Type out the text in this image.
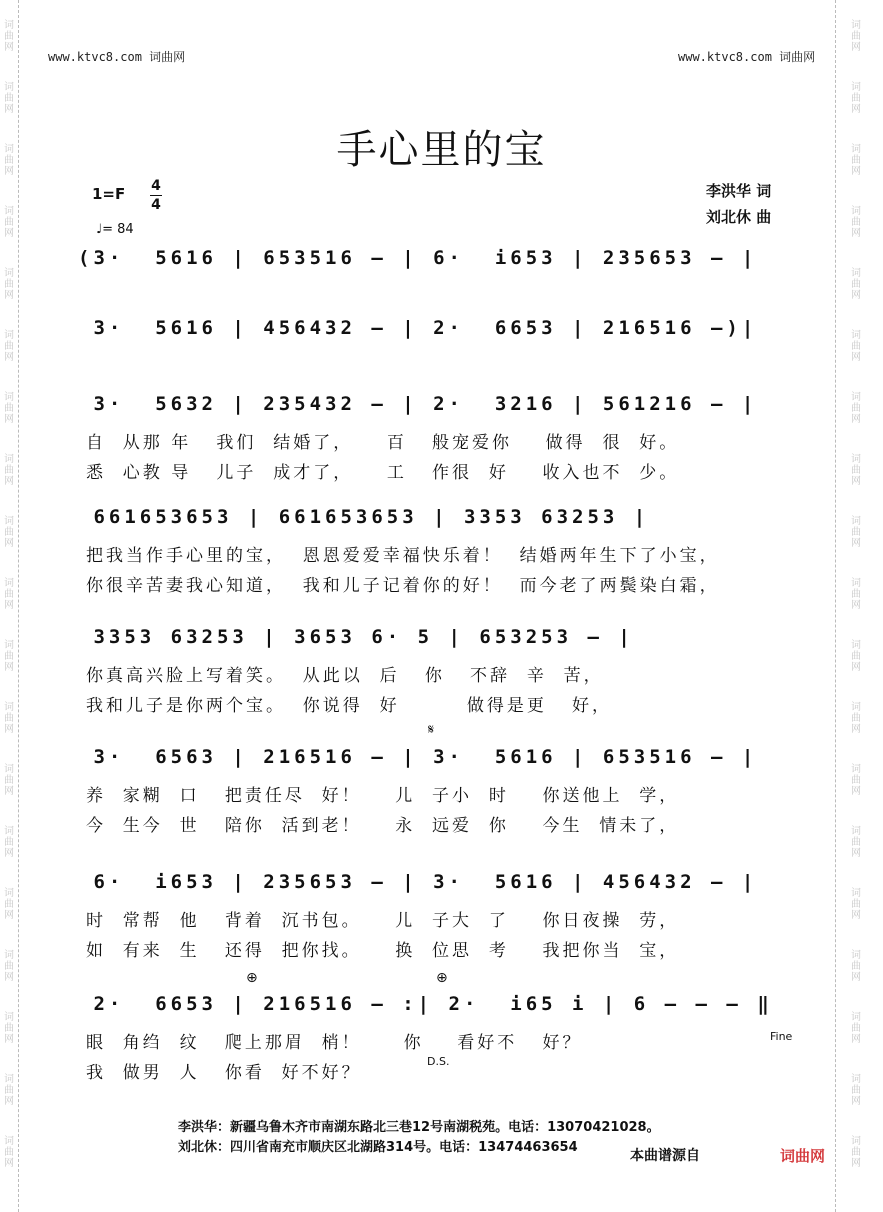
词
曲
网
词
曲
网
词
曲
网
词
曲
网
词
曲
网
词
曲
网
词
曲
网
词
曲
网
词
曲
网
词
曲
网
词
曲
网
词
曲
网
词
曲
网
词
曲
网
词
曲
网
词
曲
网
词
曲
网
词
曲
网
词
曲
网
词
曲
网
词
曲
网
词
曲
网
词
曲
网
词
曲
网
词
曲
网
词
曲
网
词
曲
网
词
曲
网
词
曲
网
词
曲
网
词
曲
网
词
曲
网
词
曲
网
词
曲
网
词
曲
网
词
曲
网
词
曲
网
词
曲
网
www.ktvc8.com 词曲网	www.ktvc8.com 词曲网
手心里的宝
1=F 4
4
♩= 84
李洪华 词
刘北休 曲
(3·  5616 | 653516 – | 6·  i653 | 235653 – |
3·  5616 | 456432 – | 2·  6653 | 216516 –)|
3·  5632 | 235432 – | 2·  3216 | 561216 – |
自  从那 年   我们  结婚了，    百   般宠爱你    做得  很  好。
悉  心教 导   儿子  成才了，    工   作很  好    收入也不  少。
661653653 | 661653653 | 3353 63253 |
把我当作手心里的宝，  恩恩爱爱幸福快乐着！  结婚两年生下了小宝，
你很辛苦妻我心知道，  我和儿子记着你的好！  而今老了两鬓染白霜，
3353 63253 | 3653 6· 5 | 653253 – |
你真高兴脸上写着笑。  从此以  后   你   不辞  辛  苦，
我和儿子是你两个宝。  你说得  好        做得是更   好，
3·  6563 | 216516 – | 3·  5616 | 653516 – |
养  家糊  口   把责任尽  好！    儿  子小  时    你送他上  学，
今  生今  世   陪你  活到老！    永  远爱  你    今生  情未了，
6·  i653 | 235653 – | 3·  5616 | 456432 – |
时  常帮  他   背着  沉书包。    儿  子大  了    你日夜操  劳，
如  有来  生   还得  把你找。    换  位思  考    我把你当  宝，
2·  6653 | 216516 – :| 2·  i65 i | 6 – – – ‖
眼  角绉  纹   爬上那眉  梢！     你    看好不   好？
我  做男  人   你看  好不好？
𝄋
⊕	⊕
D.S.
Fine
李洪华：新疆乌鲁木齐市南湖东路北三巷12号南湖税苑。电话：13070421028。
刘北休：四川省南充市顺庆区北湖路314号。电话：13474463654
本曲谱源自	词曲网
